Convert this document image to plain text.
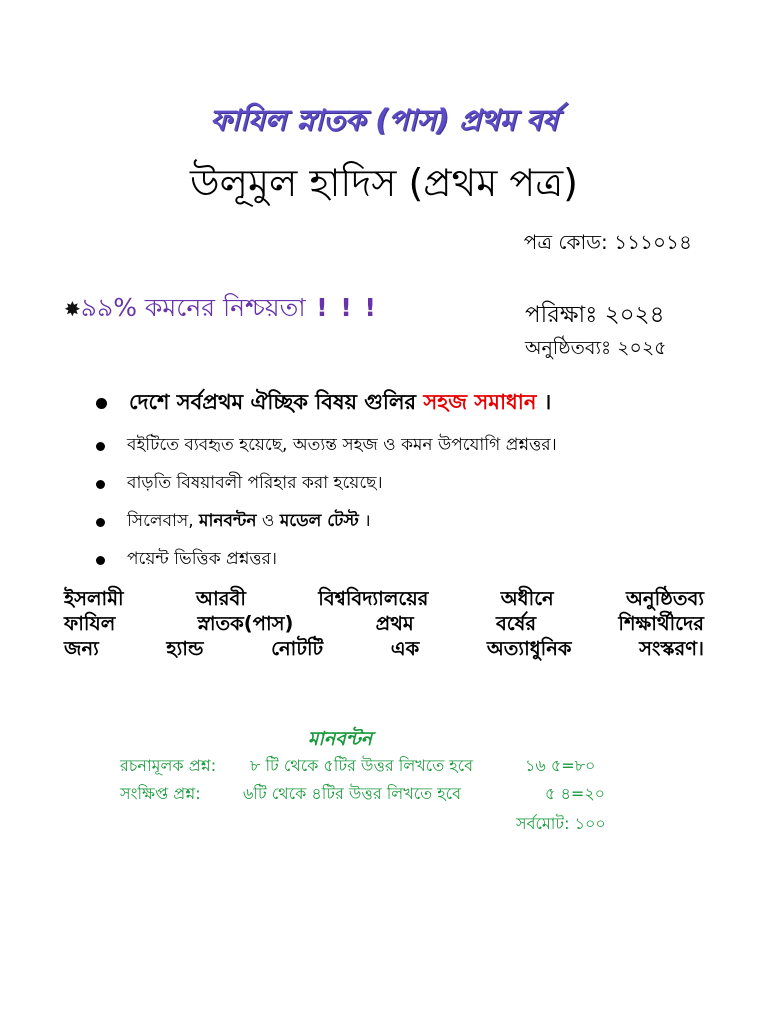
ফাযিল স্নাতক (পাস) প্রথম বর্ষ
উলূমুল হাদিস (প্রথম পত্র)
পত্র কোড: ১১১০১৪
✸৯৯% কমনের নিশ্চয়তা ! ! !	পরিক্ষাঃ ২০২৪
অনুষ্ঠিতব্যঃ ২০২৫
দেশে সর্বপ্রথম ঐচ্ছিক বিষয় গুলির সহজ সমাধান ।
বইটিতে ব্যবহৃত হয়েছে, অত্যন্ত সহজ ও কমন উপযোগি প্রশ্নত্তর।
বাড়তি বিষয়াবলী পরিহার করা হয়েছে।
সিলেবাস, মানবন্টন ও মডেল টেস্ট ।
পয়েন্ট ভিত্তিক প্রশ্নত্তর।
ইসলামী	আরবী	বিশ্ববিদ্যালয়ের	অধীনে	অনুষ্ঠিতব্য
ফাযিল	স্নাতক(পাস)	প্রথম	বর্ষের	শিক্ষার্থীদের
জন্য	হ্যান্ড	নোটটি	এক	অত্যাধুনিক	সংস্করণ।
মানবন্টন
রচনামূলক প্রশ্ন: ৮ টি থেকে ৫টির উত্তর লিখতে হবে	১৬ ৫=৮০
সংক্ষিপ্ত প্রশ্ন:	৬টি থেকে ৪টির উত্তর লিখতে হবে	৫ ৪=২০
সর্বমোট: ১০০
